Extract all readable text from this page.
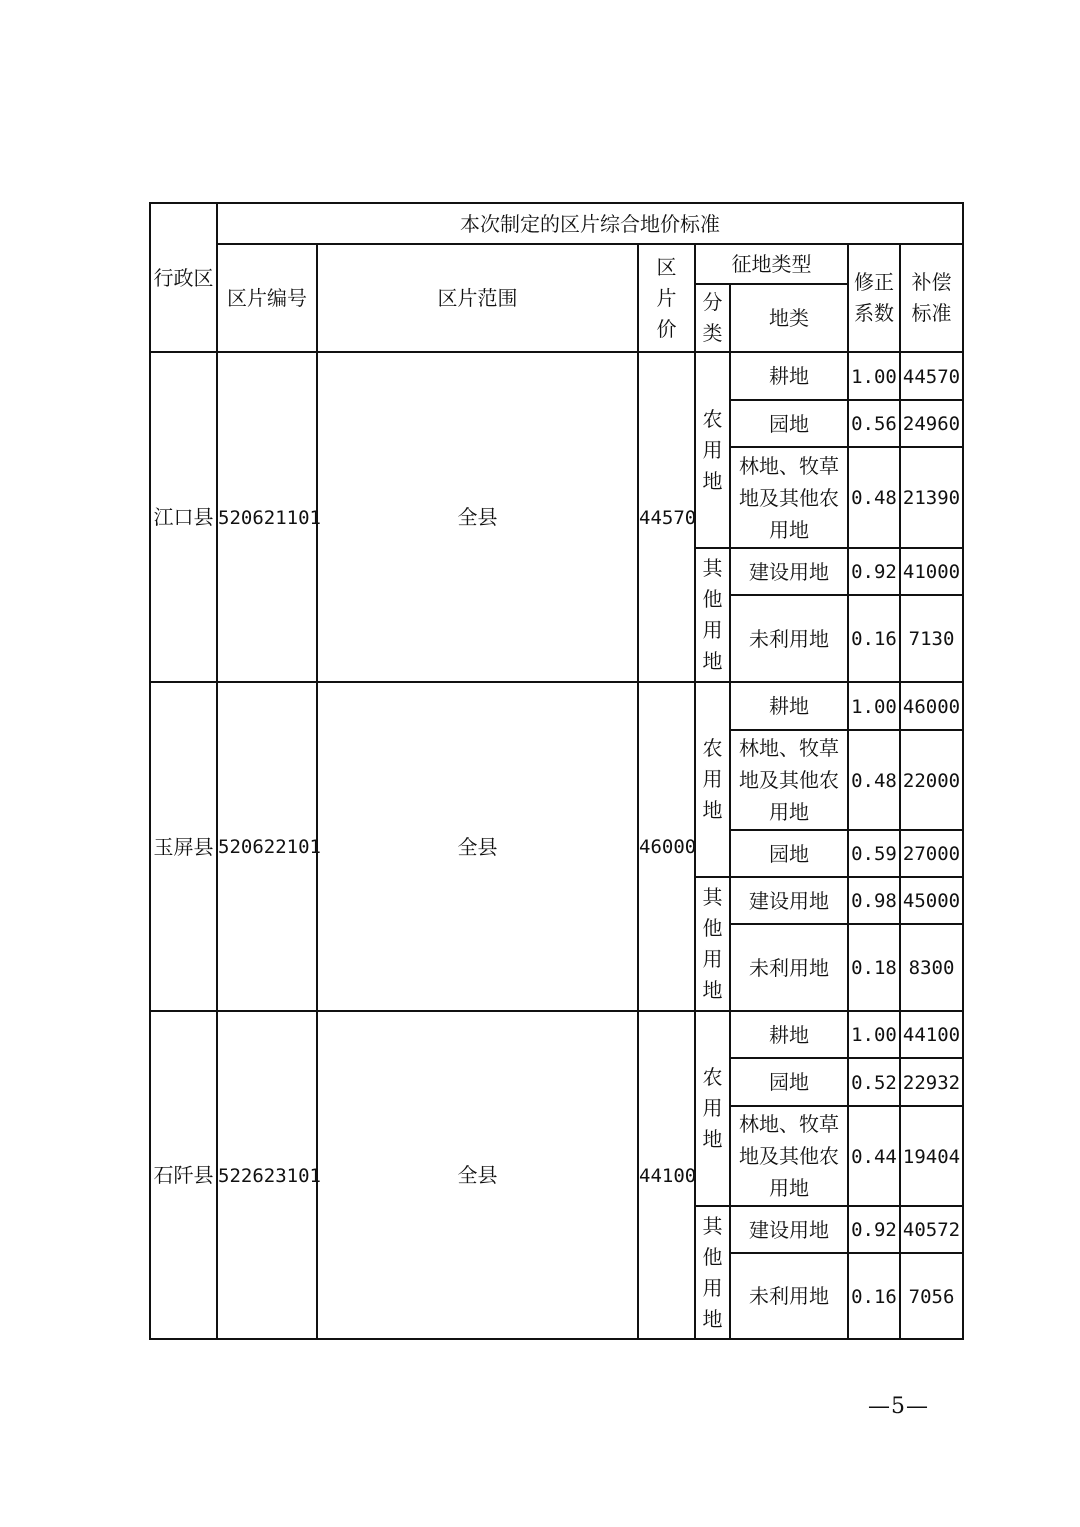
行政区	本次制定的区片综合地价标准						
	区片编号	区片范围	区片价	征地类型		修正系数	补偿标准
				分类	地类		

江口县	520621101	全县	44570	农用地	耕地	1.00	44570
					园地	0.56	24960

					林地、牧草地及其他农用地	0.48	21390
				其他用地	建设用地	0.92	41000
					未利用地	0.16	7130
玉屏县	520622101	全县	46000	农用地	耕地	1.00	46000

					林地、牧草地及其他农用地	0.48	22000
					园地	0.59	27000
				其他用地	建设用地	0.98	45000
					未利用地	0.18	8300
石阡县	522623101	全县	44100	农用地	耕地	1.00	44100
					园地	0.52	22932

					林地、牧草地及其他农用地	0.44	19404
				其他用地	建设用地	0.92	40572
					未利用地	0.16	7056
—5—
